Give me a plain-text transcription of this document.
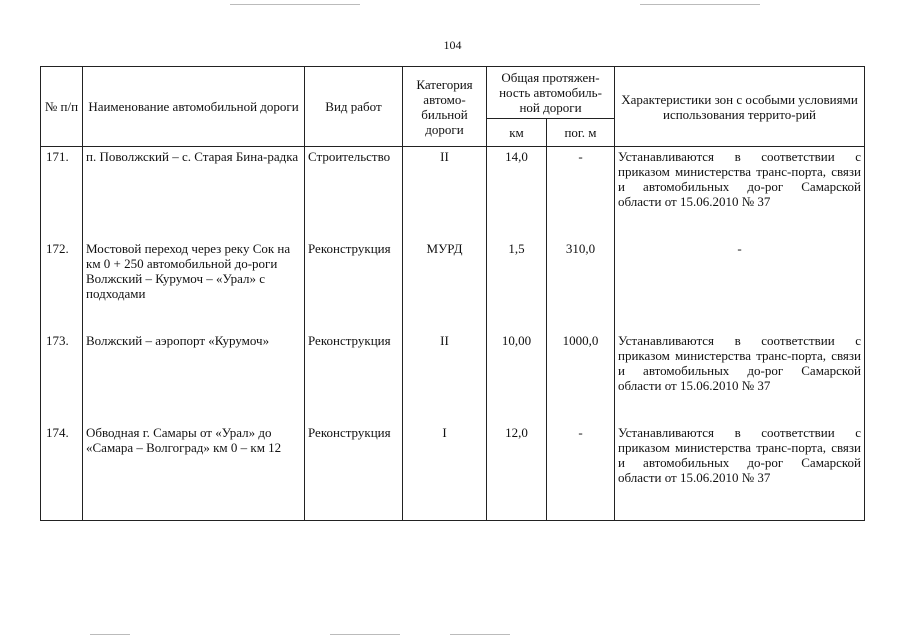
104
№ п/п	Наименование автомобильной дороги	Вид работ	Категория автомо-бильной дороги	Общая протяжен-ность автомобиль-ной дороги		Характеристики зон с особыми условиями использования террито-рий
				км	пог. м	
171.	п. Поволжский – с. Старая Бина-радка	Строительство	II	14,0	-	Устанавливаются в соответствии с приказом министерства транс-порта, связи и автомобильных до-рог Самарской области от 15.06.2010 № 37
172.	Мостовой переход через реку Сок на км 0 + 250 автомобильной до-роги Волжский – Курумоч – «Урал» с подходами	Реконструкция	МУРД	1,5	310,0	-
173.	Волжский – аэропорт «Курумоч»	Реконструкция	II	10,00	1000,0	Устанавливаются в соответствии с приказом министерства транс-порта, связи и автомобильных до-рог Самарской области от 15.06.2010 № 37
174.	Обводная г. Самары от «Урал» до «Самара – Волгоград» км 0 – км 12	Реконструкция	I	12,0	-	Устанавливаются в соответствии с приказом министерства транс-порта, связи и автомобильных до-рог Самарской области от 15.06.2010 № 37
